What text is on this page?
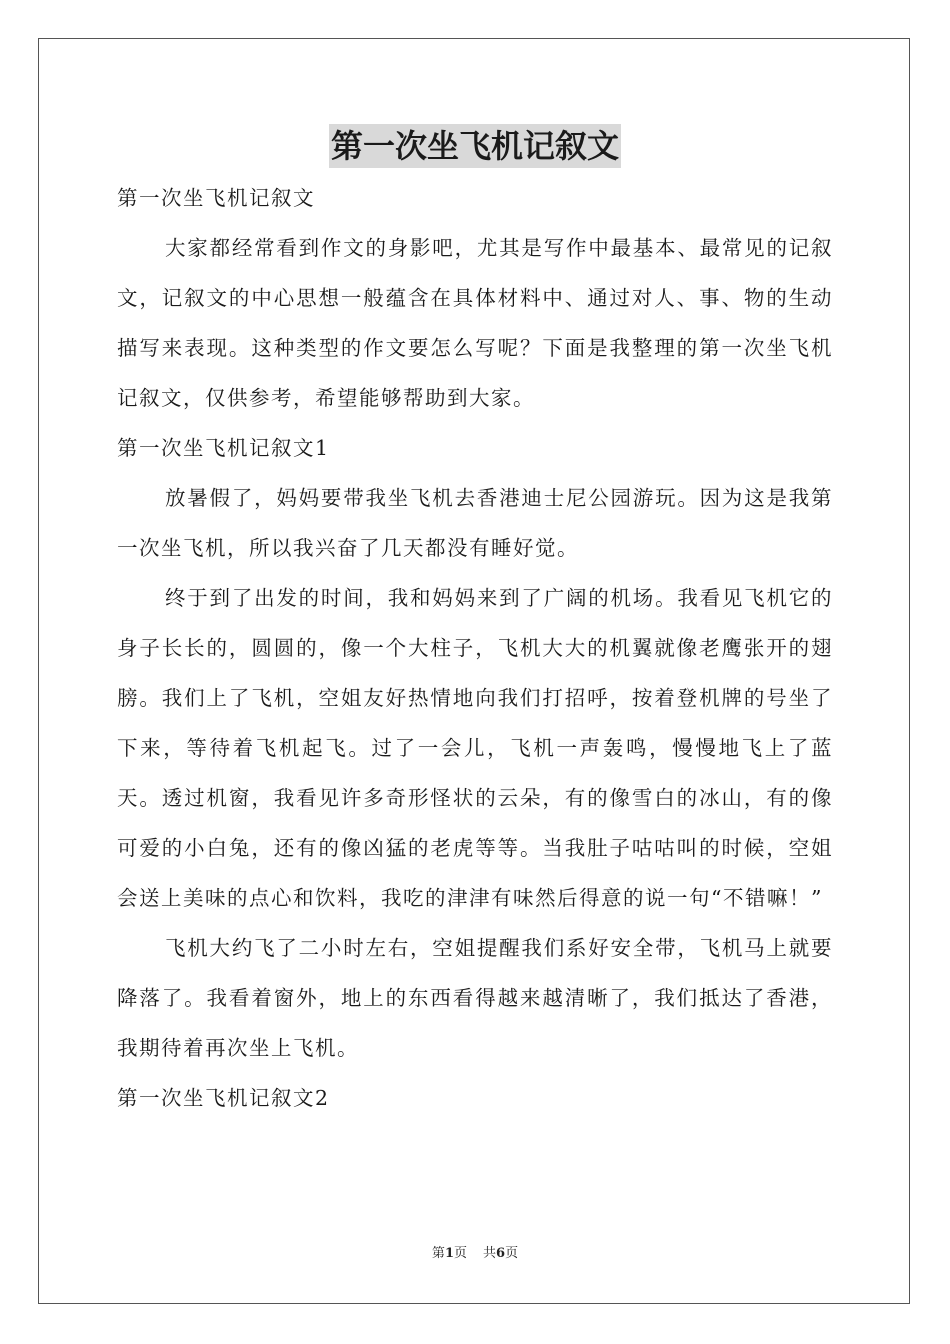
第一次坐飞机记叙文

第一次坐飞机记叙文

大家都经常看到作文的身影吧，尤其是写作中最基本、最常见的记叙文，记叙文的中心思想一般蕴含在具体材料中、通过对人、事、物的生动描写来表现。这种类型的作文要怎么写呢？下面是我整理的第一次坐飞机记叙文，仅供参考，希望能够帮助到大家。

第一次坐飞机记叙文1

放暑假了，妈妈要带我坐飞机去香港迪士尼公园游玩。因为这是我第一次坐飞机，所以我兴奋了几天都没有睡好觉。

终于到了出发的时间，我和妈妈来到了广阔的机场。我看见飞机它的身子长长的，圆圆的，像一个大柱子，飞机大大的机翼就像老鹰张开的翅膀。我们上了飞机，空姐友好热情地向我们打招呼，按着登机牌的号坐了下来，等待着飞机起飞。过了一会儿，飞机一声轰鸣，慢慢地飞上了蓝天。透过机窗，我看见许多奇形怪状的云朵，有的像雪白的冰山，有的像可爱的小白兔，还有的像凶猛的老虎等等。当我肚子咕咕叫的时候，空姐会送上美味的点心和饮料，我吃的津津有味然后得意的说一句“不错嘛！”

飞机大约飞了二小时左右，空姐提醒我们系好安全带，飞机马上就要降落了。我看着窗外，地上的东西看得越来越清晰了，我们抵达了香港，我期待着再次坐上飞机。

第一次坐飞机记叙文2

第1页 共6页
